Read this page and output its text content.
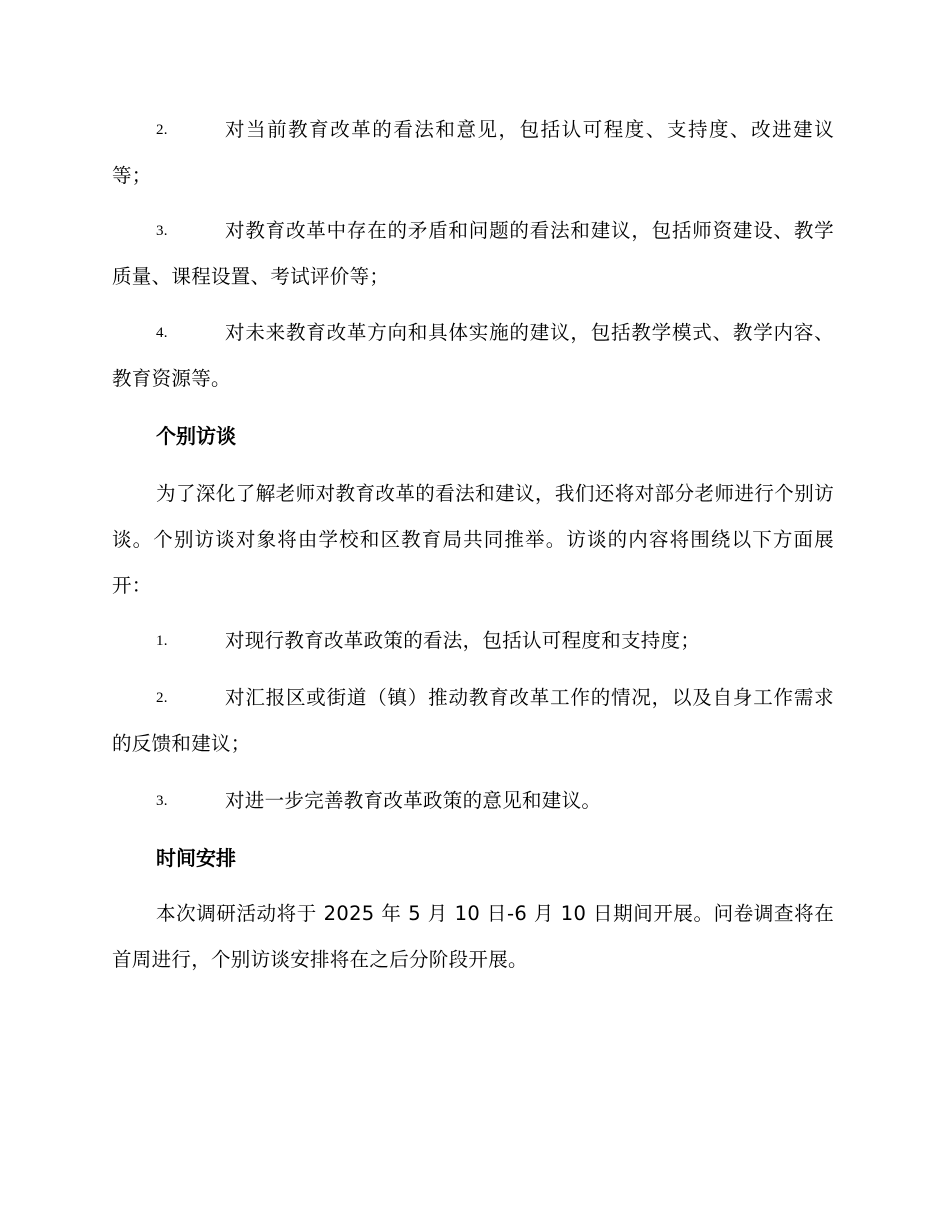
2.	对当前教育改革的看法和意见，包括认可程度、支持度、改进建议等；
3.	对教育改革中存在的矛盾和问题的看法和建议，包括师资建设、教学质量、课程设置、考试评价等；
4.	对未来教育改革方向和具体实施的建议，包括教学模式、教学内容、教育资源等。
个别访谈
为了深化了解老师对教育改革的看法和建议，我们还将对部分老师进行个别访谈。个别访谈对象将由学校和区教育局共同推举。访谈的内容将围绕以下方面展开：
1.	对现行教育改革政策的看法，包括认可程度和支持度；
2.	对汇报区或街道（镇）推动教育改革工作的情况，以及自身工作需求的反馈和建议；
3.	对进一步完善教育改革政策的意见和建议。
时间安排
本次调研活动将于 2025 年 5 月 10 日-6 月 10 日期间开展。问卷调查将在首周进行，个别访谈安排将在之后分阶段开展。
